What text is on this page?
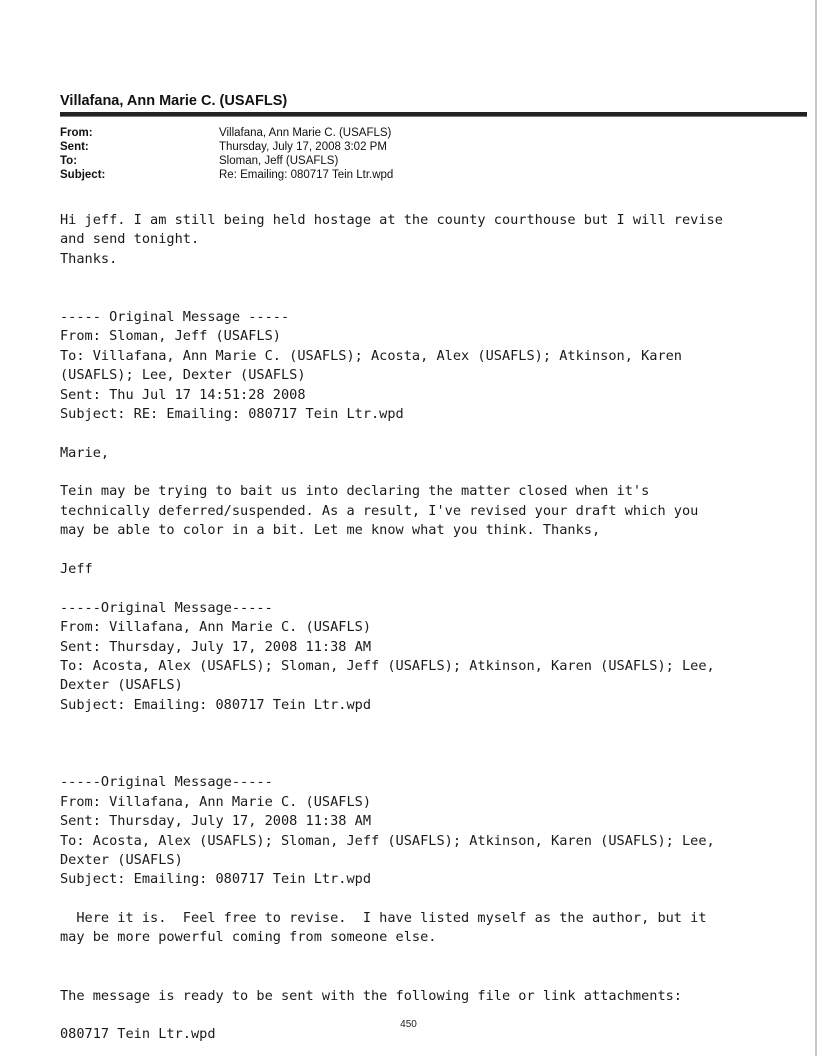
Villafana, Ann Marie C. (USAFLS)
From:	Villafana, Ann Marie C. (USAFLS)
Sent:	Thursday, July 17, 2008 3:02 PM
To:	Sloman, Jeff (USAFLS)
Subject:	Re: Emailing: 080717 Tein Ltr.wpd
Hi jeff. I am still being held hostage at the county courthouse but I will revise
and send tonight.
Thanks.
----- Original Message -----
From: Sloman, Jeff (USAFLS)
To: Villafana, Ann Marie C. (USAFLS); Acosta, Alex (USAFLS); Atkinson, Karen
(USAFLS); Lee, Dexter (USAFLS)
Sent: Thu Jul 17 14:51:28 2008
Subject: RE: Emailing: 080717 Tein Ltr.wpd
Marie,
Tein may be trying to bait us into declaring the matter closed when it's
technically deferred/suspended. As a result, I've revised your draft which you
may be able to color in a bit. Let me know what you think. Thanks,
Jeff
-----Original Message-----
From: Villafana, Ann Marie C. (USAFLS)
Sent: Thursday, July 17, 2008 11:38 AM
To: Acosta, Alex (USAFLS); Sloman, Jeff (USAFLS); Atkinson, Karen (USAFLS); Lee,
Dexter (USAFLS)
Subject: Emailing: 080717 Tein Ltr.wpd
-----Original Message-----
From: Villafana, Ann Marie C. (USAFLS)
Sent: Thursday, July 17, 2008 11:38 AM
To: Acosta, Alex (USAFLS); Sloman, Jeff (USAFLS); Atkinson, Karen (USAFLS); Lee,
Dexter (USAFLS)
Subject: Emailing: 080717 Tein Ltr.wpd
Here it is.  Feel free to revise.  I have listed myself as the author, but it
may be more powerful coming from someone else.
The message is ready to be sent with the following file or link attachments:
080717 Tein Ltr.wpd
450
